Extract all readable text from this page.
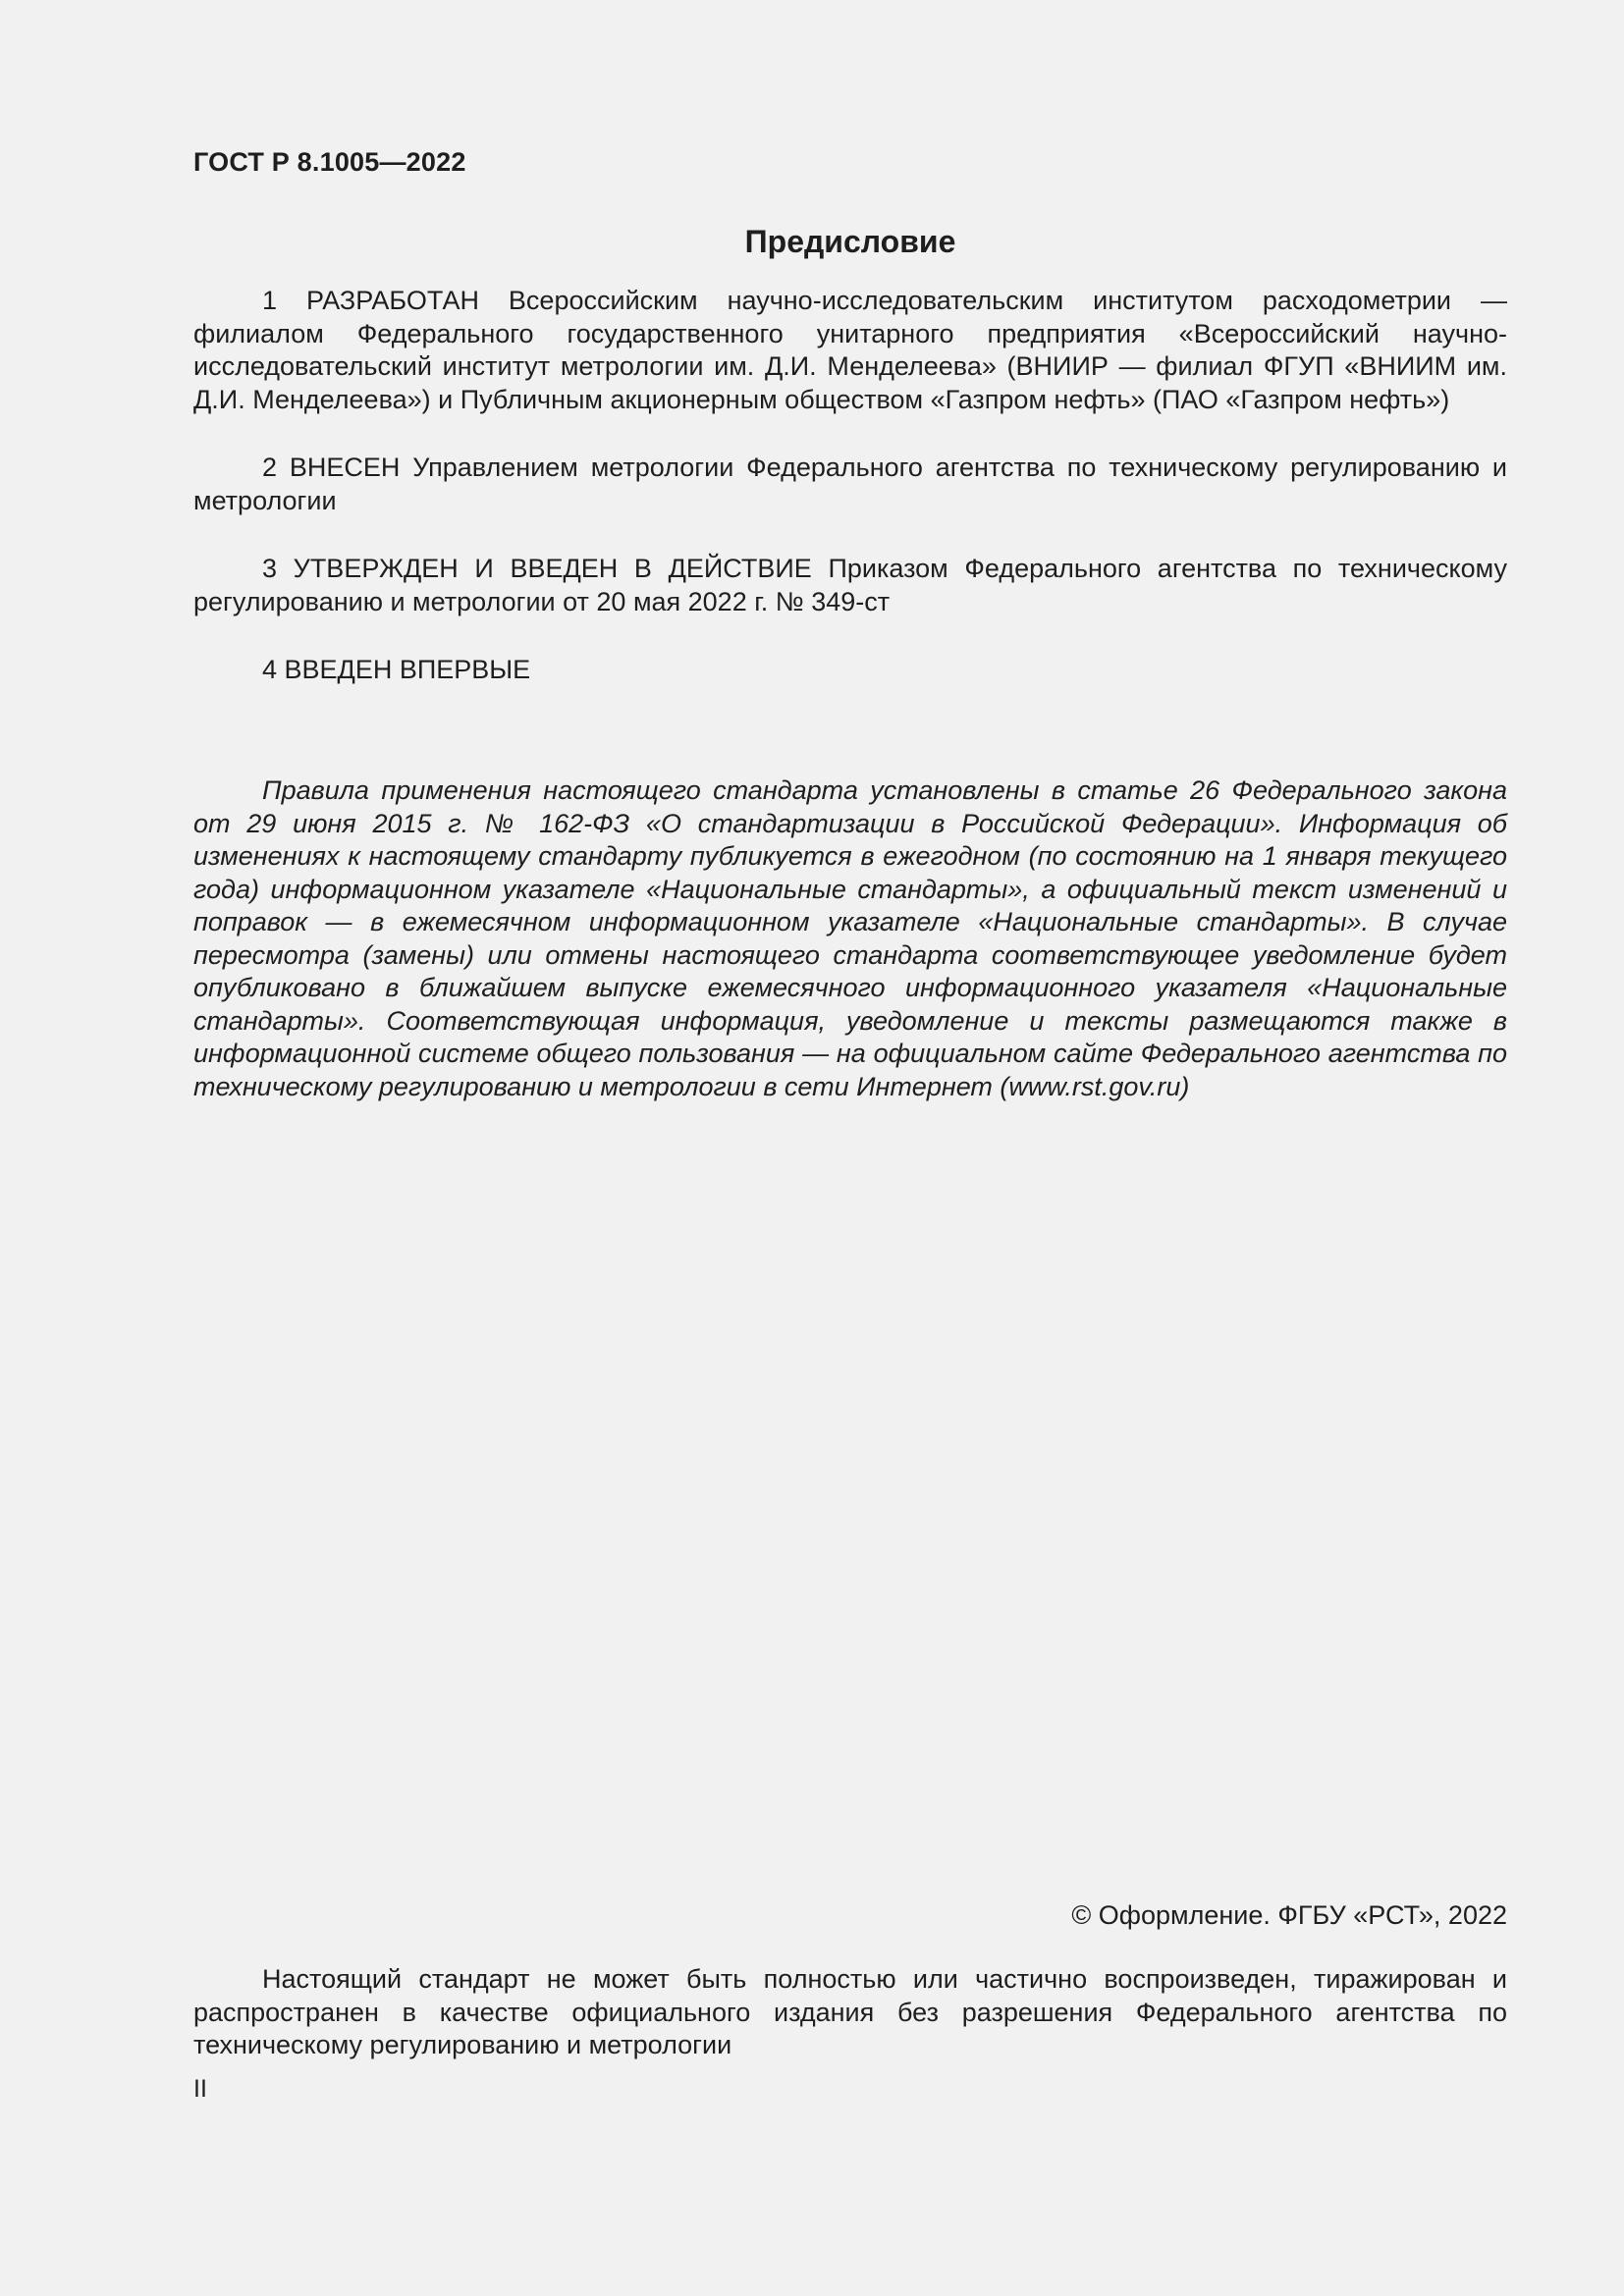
ГОСТ Р 8.1005—2022
Предисловие

1 РАЗРАБОТАН Всероссийским научно-исследовательским институтом расходометрии — филиалом Федерального государственного унитарного предприятия «Всероссийский научно-исследовательский институт метрологии им. Д.И. Менделеева» (ВНИИР — филиал ФГУП «ВНИИМ им. Д.И. Менделеева») и Публичным акционерным обществом «Газпром нефть» (ПАО «Газпром нефть»)

2 ВНЕСЕН Управлением метрологии Федерального агентства по техническому регулированию и метрологии

3 УТВЕРЖДЕН И ВВЕДЕН В ДЕЙСТВИЕ Приказом Федерального агентства по техническому регулированию и метрологии от 20 мая 2022 г. № 349-ст

4 ВВЕДЕН ВПЕРВЫЕ

Правила применения настоящего стандарта установлены в статье 26 Федерального закона от 29 июня 2015 г. № 162-ФЗ «О стандартизации в Российской Федерации». Информация об изменениях к настоящему стандарту публикуется в ежегодном (по состоянию на 1 января текущего года) информационном указателе «Национальные стандарты», а официальный текст изменений и поправок — в ежемесячном информационном указателе «Национальные стандарты». В случае пересмотра (замены) или отмены настоящего стандарта соответствующее уведомление будет опубликовано в ближайшем выпуске ежемесячного информационного указателя «Национальные стандарты». Соответствующая информация, уведомление и тексты размещаются также в информационной системе общего пользования — на официальном сайте Федерального агентства по техническому регулированию и метрологии в сети Интернет (www.rst.gov.ru)

© Оформление. ФГБУ «РСТ», 2022

Настоящий стандарт не может быть полностью или частично воспроизведен, тиражирован и распространен в качестве официального издания без разрешения Федерального агентства по техническому регулированию и метрологии

II
